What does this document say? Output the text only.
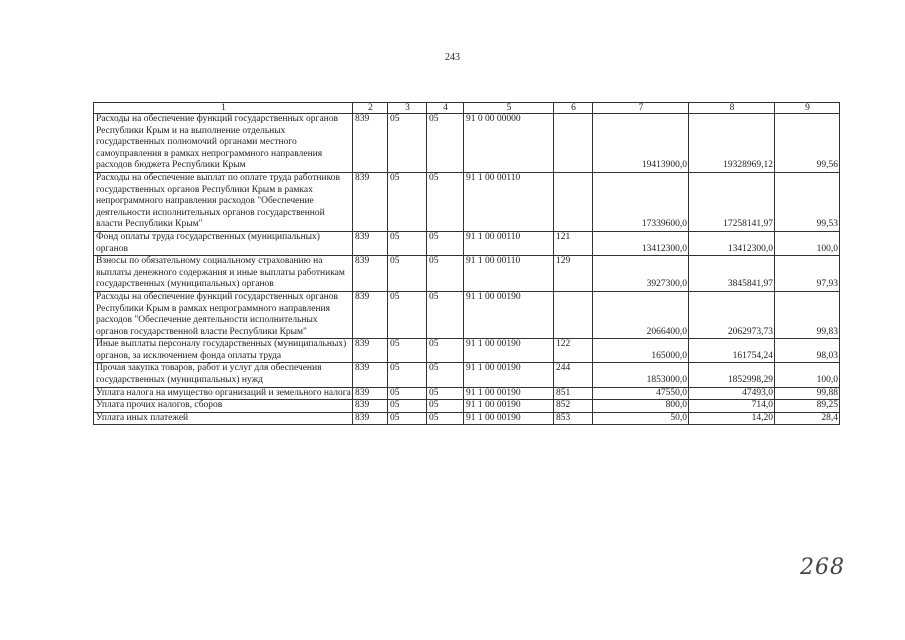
243
1	2	3	4	5	6	7	8	9
Расходы на обеспечение функций государственных органов Республики Крым и на выполнение отдельных государственных полномочий органами местного самоуправления в рамках непрограммного направления расходов бюджета Республики Крым	839	05	05	91 0 00 00000		19413900,0	19328969,12	99,56
Расходы на обеспечение выплат по оплате труда работников государственных органов Республики Крым в рамках непрограммного направления расходов "Обеспечение деятельности исполнительных органов государственной власти Республики Крым"	839	05	05	91 1 00 00110		17339600,0	17258141,97	99,53
Фонд оплаты труда государственных (муниципальных) органов	839	05	05	91 1 00 00110	121	13412300,0	13412300,0	100,0
Взносы по обязательному социальному страхованию на выплаты денежного содержания и иные выплаты работникам государственных (муниципальных) органов	839	05	05	91 1 00 00110	129	3927300,0	3845841,97	97,93
Расходы на обеспечение функций государственных органов Республики Крым в рамках непрограммного направления расходов "Обеспечение деятельности исполнительных органов государственной власти Республики Крым"	839	05	05	91 1 00 00190		2066400,0	2062973,73	99,83
Иные выплаты персоналу государственных (муниципальных) органов, за исключением фонда оплаты труда	839	05	05	91 1 00 00190	122	165000,0	161754,24	98,03
Прочая закупка товаров, работ и услуг для обеспечения государственных (муниципальных) нужд	839	05	05	91 1 00 00190	244	1853000,0	1852998,29	100,0
Уплата налога на имущество организаций и земельного налога	839	05	05	91 1 00 00190	851	47550,0	47493,0	99,88
Уплата прочих налогов, сборов	839	05	05	91 1 00 00190	852	800,0	714,0	89,25
Уплата иных платежей	839	05	05	91 1 00 00190	853	50,0	14,20	28,4
268
